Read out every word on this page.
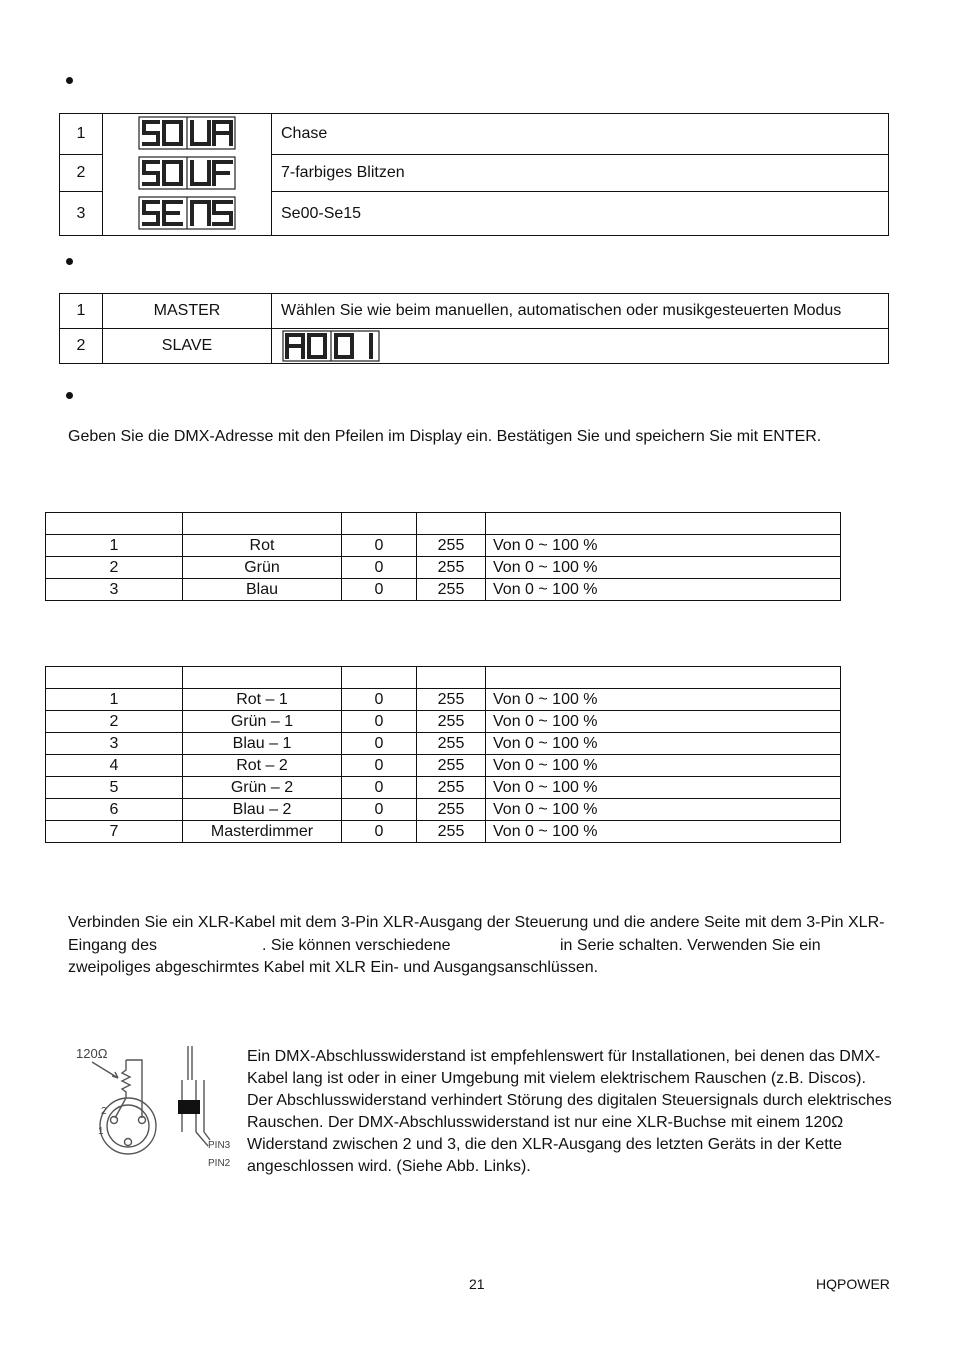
1		Chase
2		7-farbiges Blitzen
3		Se00-Se15
1	MASTER	Wählen Sie wie beim manuellen, automatischen oder musikgesteuerten Modus
2	SLAVE	

Geben Sie die DMX-Adresse mit den Pfeilen im Display ein. Bestätigen Sie und speichern Sie mit ENTER.

1	Rot	0	255	Von 0 ~ 100 %
2	Grün	0	255	Von 0 ~ 100 %
3	Blau	0	255	Von 0 ~ 100 %

1	Rot – 1	0	255	Von 0 ~ 100 %
2	Grün – 1	0	255	Von 0 ~ 100 %
3	Blau – 1	0	255	Von 0 ~ 100 %
4	Rot – 2	0	255	Von 0 ~ 100 %
5	Grün – 2	0	255	Von 0 ~ 100 %
6	Blau – 2	0	255	Von 0 ~ 100 %
7	Masterdimmer	0	255	Von 0 ~ 100 %
Verbinden Sie ein XLR-Kabel mit dem 3-Pin XLR-Ausgang der Steuerung und die andere Seite mit dem 3-Pin XLR-
Eingang des	. Sie können verschiedene	in Serie schalten. Verwenden Sie ein
zweipoliges abgeschirmtes Kabel mit XLR Ein- und Ausgangsanschlüssen.
120Ω
2
1
PIN3
PIN2
Ein DMX-Abschlusswiderstand ist empfehlenswert für Installationen, bei denen das DMX-
Kabel lang ist oder in einer Umgebung mit vielem elektrischem Rauschen (z.B. Discos).
Der Abschlusswiderstand verhindert Störung des digitalen Steuersignals durch elektrisches
Rauschen. Der DMX-Abschlusswiderstand ist nur eine XLR-Buchse mit einem 120Ω
Widerstand zwischen 2 und 3, die den XLR-Ausgang des letzten Geräts in der Kette
angeschlossen wird. (Siehe Abb. Links).
21	HQPOWER
